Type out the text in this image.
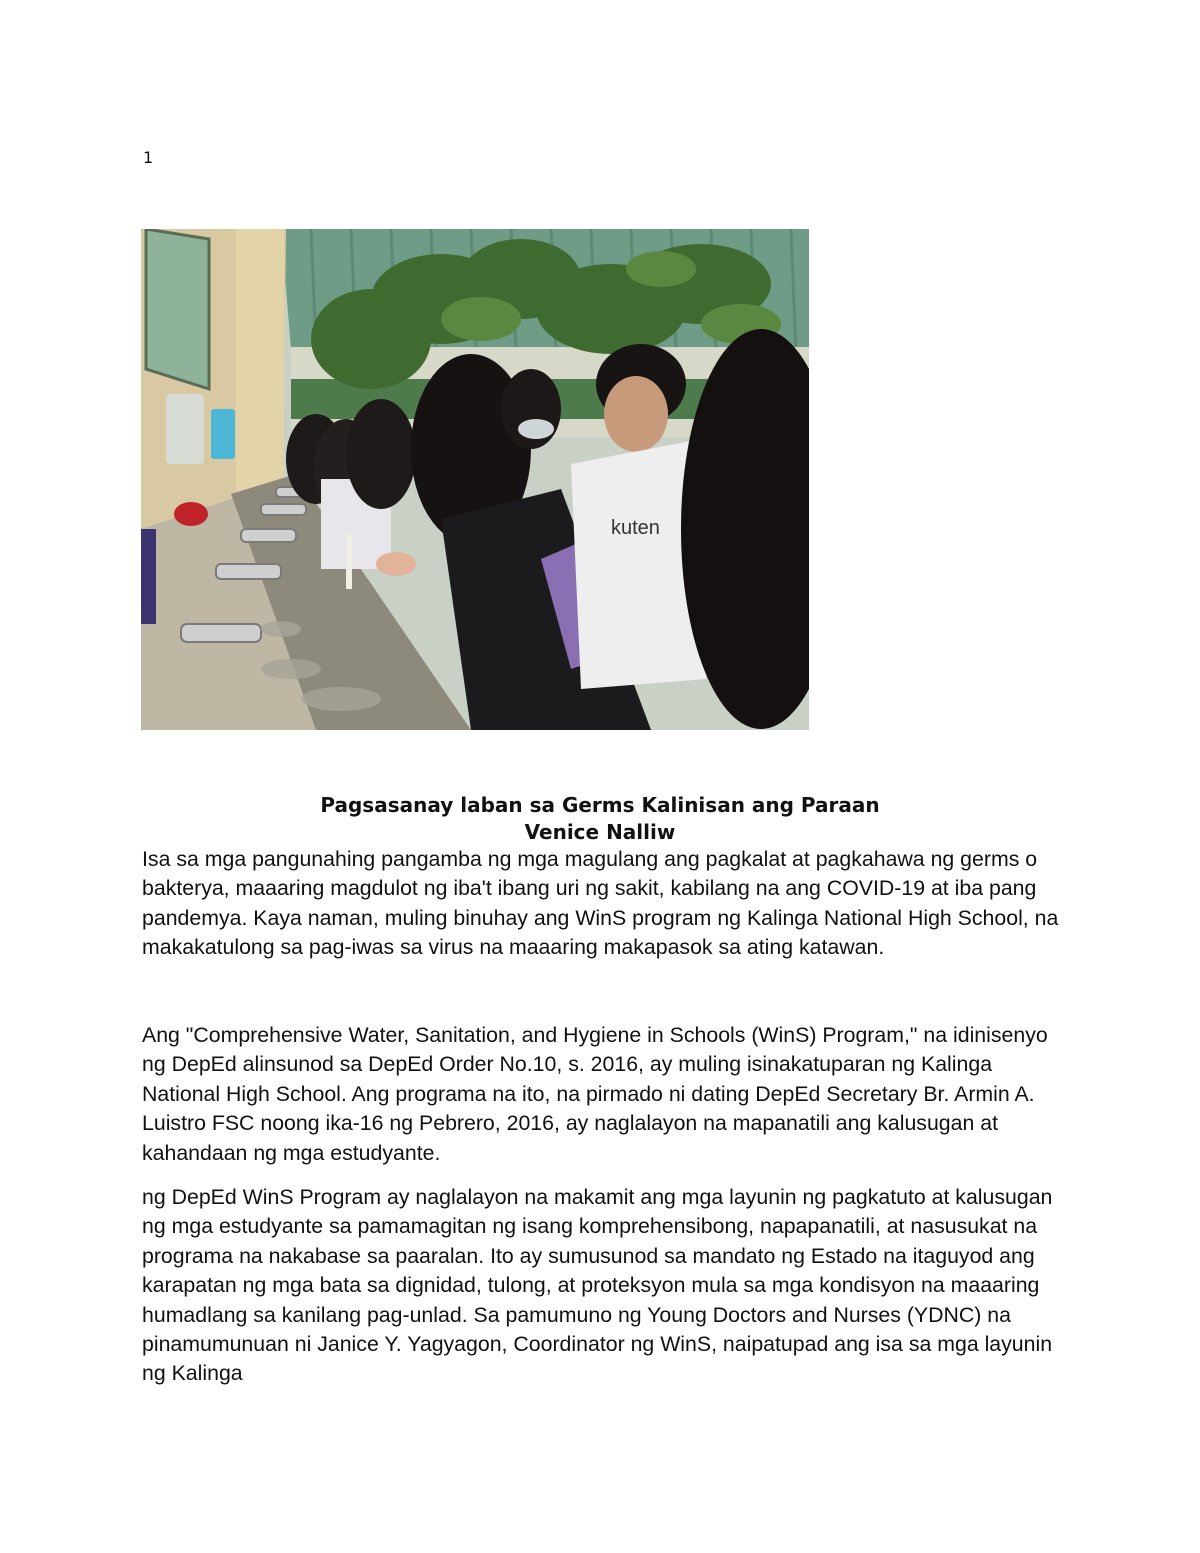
1
kuten
Pagsasanay laban sa Germs Kalinisan ang Paraan
Venice Nalliw

Isa sa mga pangunahing pangamba ng mga magulang ang pagkalat at pagkahawa ng germs o bakterya, maaaring magdulot ng iba't ibang uri ng sakit, kabilang na ang COVID-19 at iba pang pandemya. Kaya naman, muling binuhay ang WinS program ng Kalinga National High School, na makakatulong sa pag-iwas sa virus na maaaring makapasok sa ating katawan.

Ang "Comprehensive Water, Sanitation, and Hygiene in Schools (WinS) Program," na idinisenyo ng DepEd alinsunod sa DepEd Order No.10, s. 2016, ay muling isinakatuparan ng Kalinga National High School. Ang programa na ito, na pirmado ni dating DepEd Secretary Br. Armin A. Luistro FSC noong ika-16 ng Pebrero, 2016, ay naglalayon na mapanatili ang kalusugan at kahandaan ng mga estudyante.

ng DepEd WinS Program ay naglalayon na makamit ang mga layunin ng pagkatuto at kalusugan ng mga estudyante sa pamamagitan ng isang komprehensibong, napapanatili, at nasusukat na programa na nakabase sa paaralan. Ito ay sumusunod sa mandato ng Estado na itaguyod ang karapatan ng mga bata sa dignidad, tulong, at proteksyon mula sa mga kondisyon na maaaring humadlang sa kanilang pag-unlad. Sa pamumuno ng Young Doctors and Nurses (YDNC) na pinamumunuan ni Janice Y. Yagyagon, Coordinator ng WinS, naipatupad ang isa sa mga layunin ng Kalinga
